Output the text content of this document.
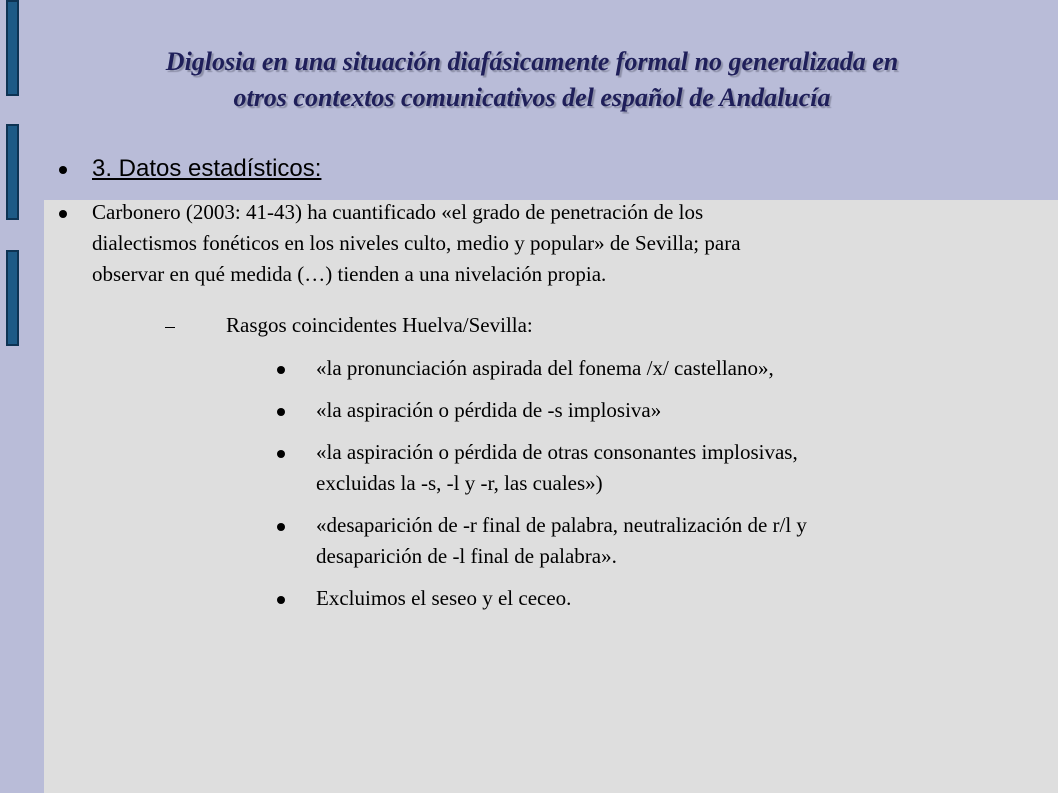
Diglosia en una situación diafásicamente formal no generalizada en
otros contextos comunicativos del español de Andalucía
3. Datos estadísticos:
Carbonero (2003: 41-43) ha cuantificado «el grado de penetración de los
dialectismos fonéticos en los niveles culto, medio y popular» de Sevilla; para
observar en qué medida (…) tienden a una nivelación propia.
Rasgos coincidentes Huelva/Sevilla:
«la pronunciación aspirada del fonema /x/ castellano»,
«la aspiración o pérdida de -s implosiva»
«la aspiración o pérdida de otras consonantes implosivas,
excluidas la -s, -l y -r, las cuales»)
«desaparición de -r final de palabra, neutralización de r/l y
desaparición de -l final de palabra».
Excluimos el seseo y el ceceo.
